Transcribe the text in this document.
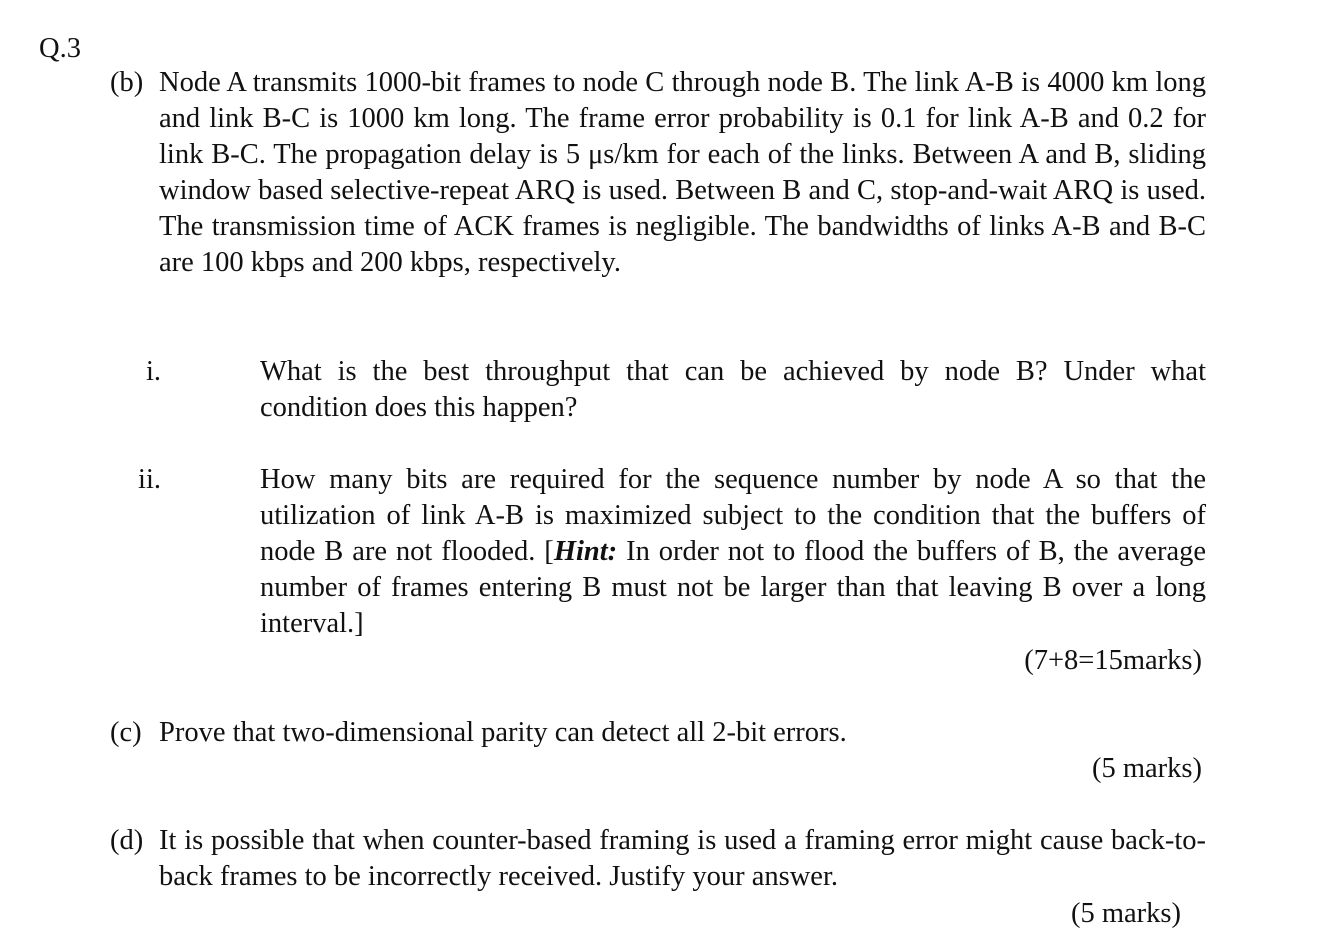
Q.3
(b) Node A transmits 1000-bit frames to node C through node B. The link A-B is 4000 km long and link B-C is 1000 km long. The frame error probability is 0.1 for link A-B and 0.2 for link B-C. The propagation delay is 5 μs/km for each of the links. Between A and B, sliding window based selective-repeat ARQ is used. Between B and C, stop-and-wait ARQ is used. The transmission time of ACK frames is negligible. The bandwidths of links A-B and B-C are 100 kbps and 200 kbps, respectively.
i.	What is the best throughput that can be achieved by node B? Under what condition does this happen?
ii.	How many bits are required for the sequence number by node A so that the utilization of link A-B is maximized subject to the condition that the buffers of node B are not flooded. [Hint: In order not to flood the buffers of B, the average number of frames entering B must not be larger than that leaving B over a long interval.]
(7+8=15marks)
(c) Prove that two-dimensional parity can detect all 2-bit errors.
(5 marks)
(d) It is possible that when counter-based framing is used a framing error might cause back-to-back frames to be incorrectly received. Justify your answer.
(5 marks)
